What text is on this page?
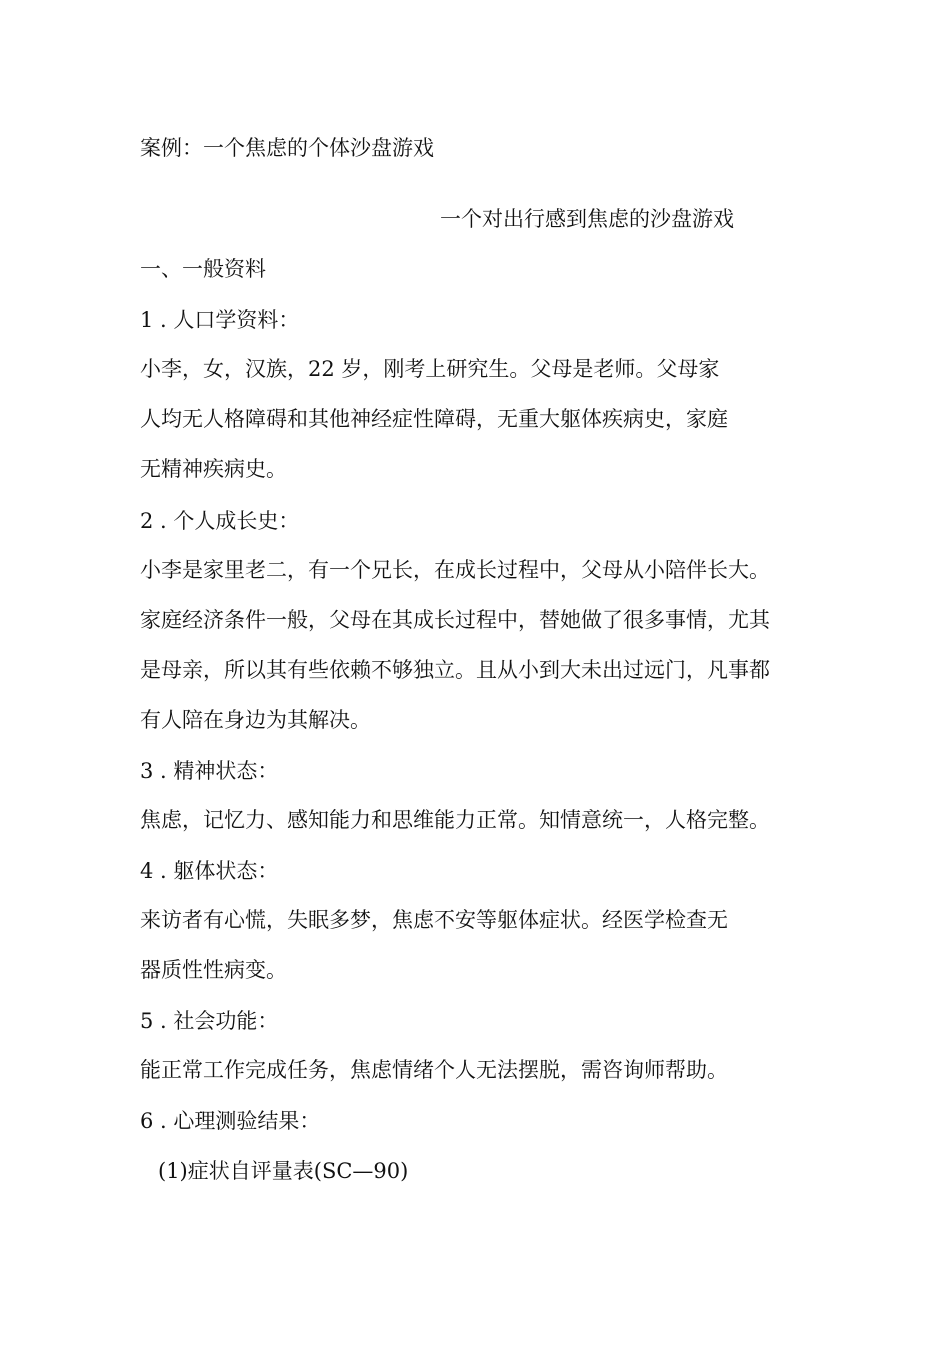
案例：一个焦虑的个体沙盘游戏

一个对出行感到焦虑的沙盘游戏

一、一般资料

1 . 人口学资料：

小李，女，汉族，22 岁，刚考上研究生。父母是老师。父母家

人均无人格障碍和其他神经症性障碍，无重大躯体疾病史，家庭

无精神疾病史。

2 . 个人成长史：

小李是家里老二，有一个兄长，在成长过程中，父母从小陪伴长大。

家庭经济条件一般，父母在其成长过程中，替她做了很多事情，尤其

是母亲，所以其有些依赖不够独立。且从小到大未出过远门，凡事都

有人陪在身边为其解决。

3 . 精神状态：

焦虑，记忆力、感知能力和思维能力正常。知情意统一，人格完整。

4 . 躯体状态：

来访者有心慌，失眠多梦，焦虑不安等躯体症状。经医学检查无

器质性性病变。

5 . 社会功能：

能正常工作完成任务，焦虑情绪个人无法摆脱，需咨询师帮助。

6 . 心理测验结果：

(1)症状自评量表(SC—90)
